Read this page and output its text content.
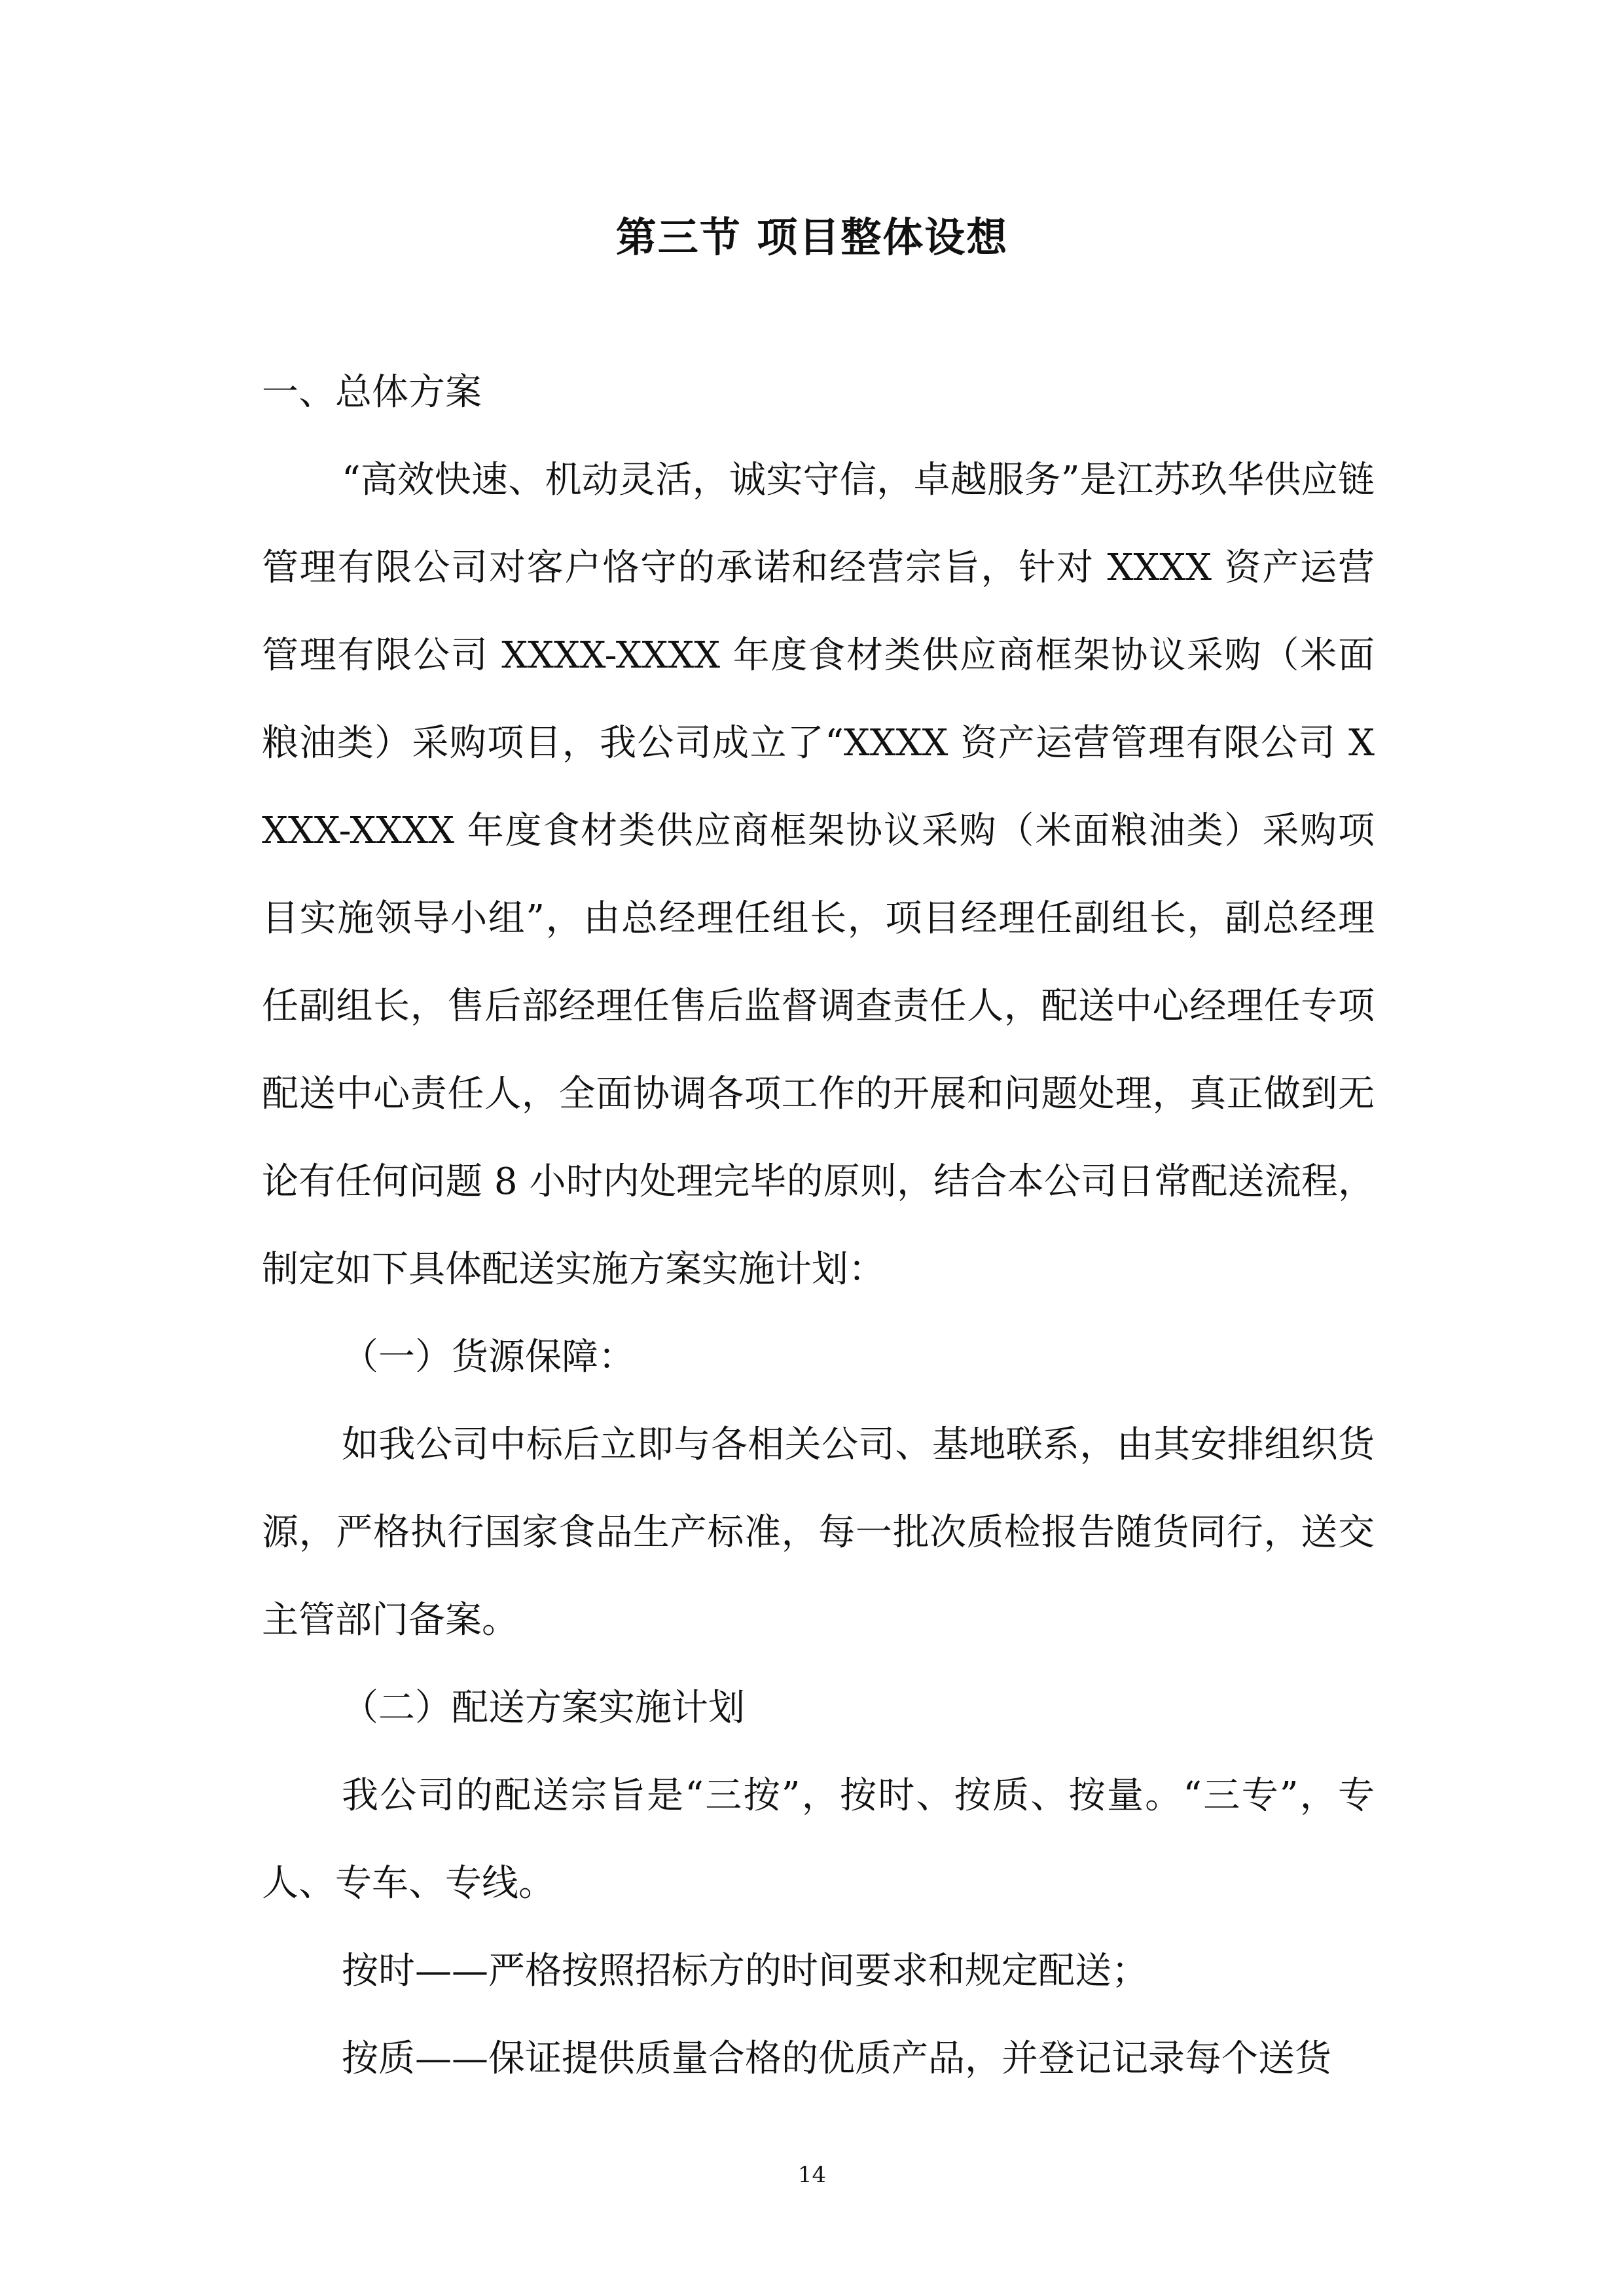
第三节 项目整体设想

一、总体方案

“高效快速、机动灵活，诚实守信，卓越服务”是江苏玖华供应链管理有限公司对客户恪守的承诺和经营宗旨，针对 XXXX 资产运营管理有限公司 XXXX-XXXX 年度食材类供应商框架协议采购（米面粮油类）采购项目，我公司成立了“XXXX 资产运营管理有限公司 XXXX-XXXX 年度食材类供应商框架协议采购（米面粮油类）采购项目实施领导小组”，由总经理任组长，项目经理任副组长，副总经理任副组长，售后部经理任售后监督调查责任人，配送中心经理任专项配送中心责任人，全面协调各项工作的开展和问题处理，真正做到无论有任何问题 8 小时内处理完毕的原则，结合本公司日常配送流程，制定如下具体配送实施方案实施计划：

（一）货源保障：

如我公司中标后立即与各相关公司、基地联系，由其安排组织货源，严格执行国家食品生产标准，每一批次质检报告随货同行，送交主管部门备案。

（二）配送方案实施计划

我公司的配送宗旨是“三按”，按时、按质、按量。“三专”，专人、专车、专线。

按时——严格按照招标方的时间要求和规定配送；

按质——保证提供质量合格的优质产品，并登记记录每个送货

14
